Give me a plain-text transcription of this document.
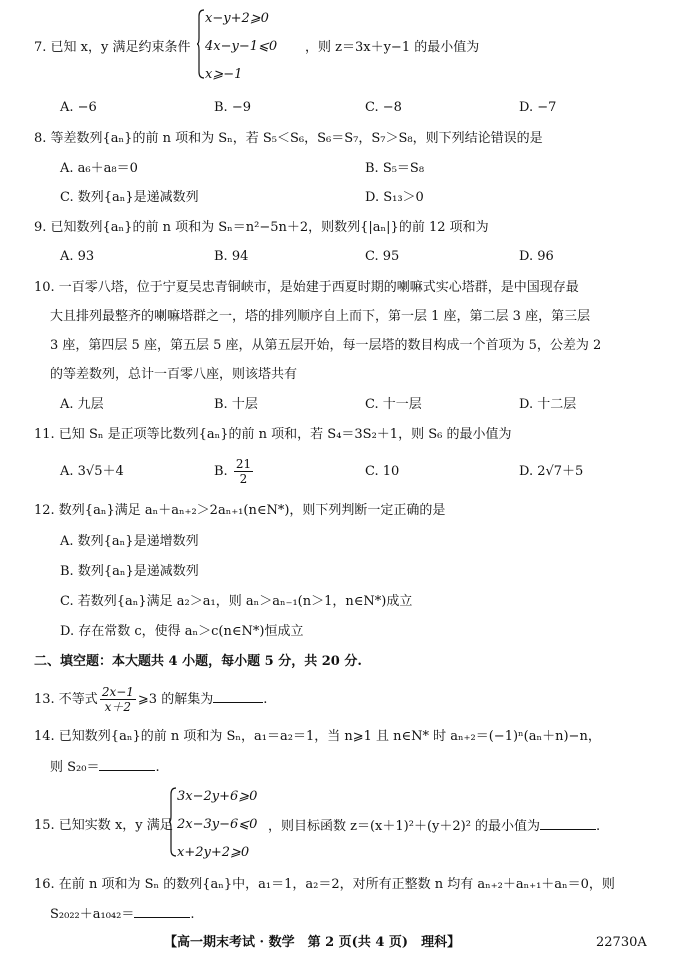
7. 已知 x，y 满足约束条件
x−y+2⩾0
4x−y−1⩽0
x⩾−1
，则 z＝3x＋y−1 的最小值为
A. −6	B. −9	C. −8	D. −7
8. 等差数列{aₙ}的前 n 项和为 Sₙ，若 S₅＜S₆，S₆＝S₇，S₇＞S₈，则下列结论错误的是
A. a₆＋a₈＝0	B. S₅＝S₈
C. 数列{aₙ}是递减数列	D. S₁₃＞0
9. 已知数列{aₙ}的前 n 项和为 Sₙ＝n²−5n＋2，则数列{|aₙ|}的前 12 项和为
A. 93	B. 94	C. 95	D. 96
10. 一百零八塔，位于宁夏吴忠青铜峡市，是始建于西夏时期的喇嘛式实心塔群，是中国现存最
大且排列最整齐的喇嘛塔群之一，塔的排列顺序自上而下，第一层 1 座，第二层 3 座，第三层
3 座，第四层 5 座，第五层 5 座，从第五层开始，每一层塔的数目构成一个首项为 5，公差为 2
的等差数列，总计一百零八座，则该塔共有
A. 九层	B. 十层	C. 十一层	D. 十二层
11. 已知 Sₙ 是正项等比数列{aₙ}的前 n 项和，若 S₄＝3S₂＋1，则 S₆ 的最小值为
A. 3√5＋4	B. $\frac{21}{2}$	C. 10	D. 2√7＋5
12. 数列{aₙ}满足 aₙ＋aₙ₊₂＞2aₙ₊₁(n∈N*)，则下列判断一定正确的是
A. 数列{aₙ}是递增数列
B. 数列{aₙ}是递减数列
C. 若数列{aₙ}满足 a₂＞a₁，则 aₙ＞aₙ₋₁(n＞1，n∈N*)成立
D. 存在常数 c，使得 aₙ＞c(n∈N*)恒成立
二、填空题：本大题共 4 小题，每小题 5 分，共 20 分.
13. 不等式 $\frac{2x-1}{x+2}$ ⩾3 的解集为	.
14. 已知数列{aₙ}的前 n 项和为 Sₙ，a₁＝a₂＝1，当 n⩾1 且 n∈N* 时 aₙ₊₂＝(−1)ⁿ(aₙ＋n)−n，
则 S₂₀＝	.
15. 已知实数 x，y 满足
3x−2y+6⩾0
2x−3y−6⩽0
x+2y+2⩾0
，则目标函数 z＝(x＋1)²＋(y＋2)² 的最小值为	.
16. 在前 n 项和为 Sₙ 的数列{aₙ}中，a₁＝1，a₂＝2，对所有正整数 n 均有 aₙ₊₂＋aₙ₊₁＋aₙ＝0，则
S₂₀₂₂＋a₁₀₄₂＝	.
【高一期末考试 · 数学　第 2 页(共 4 页)　理科】	22730A
